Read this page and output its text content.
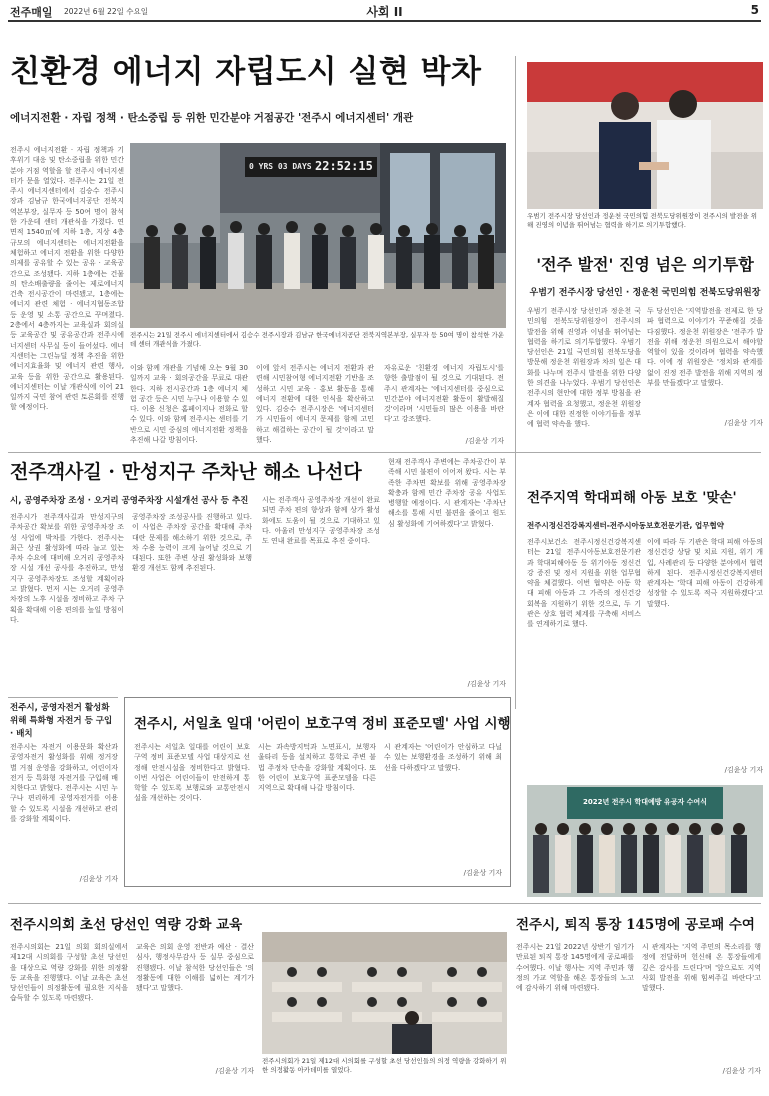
전주매일 2022년 6월 22일 수요일	사회 II	5
친환경 에너지 자립도시 실현 박차
에너지전환 · 자립 정책 · 탄소중립 등 위한 민간분야 거점공간 '전주시 에너지센터' 개관
전주시 에너지전환 · 자립 정책과 기후위기 대응 및 탄소중립을 위한 민간분야 거점 역할을 할 전주시 에너지센터가 문을 열었다. 전주시는 21일 전주시 에너지센터에서 김승수 전주시장과 김남규 한국에너지공단 전북지역본부장, 실무자 등 50여 명이 참석한 가운데 센터 개관식을 가졌다. 연면적 1540㎡에 지하 1층, 지상 4층 규모의 에너지센터는 에너지전환을 체험하고 에너지 전환을 위한 다양한 의제를 공유할 수 있는 공유 · 교육공간으로 조성됐다. 지하 1층에는 건물의 탄소배출량을 줄이는 제로에너지건축 전시공간이 마련됐고, 1층에는 에너지 관련 체험 · 에너지협동조합 등 운영 및 소통 공간으로 꾸며졌다. 2층에서 4층까지는 교육실과 회의실 등 교육공간 및 공유공간과 전주시에너지센터 사무실 등이 들어섰다. 에너지센터는 그린뉴딜 정책 추진을 위한 에너지효율화 및 에너지 관련 행사, 교육 등을 위한 공간으로 활용된다. 에너지센터는 이날 개관식에 이어 21일까지 국민 참여 관련 토론회를 진행할 예정이다.
0 YRS 03 DAYS 22:52:15
전주시는 21일 전주시 에너지센터에서 김승수 전주시장과 김남규 한국에너지공단 전북지역본부장, 실무자 등 50여 명이 참석한 가운데 센터 개관식을 가졌다.
이와 함께 개관을 기념해 오는 9월 30일까지 교육 · 회의공간을 무료로 대관한다. 지하 전시공간과 1층 에너지 체험 공간 등은 시민 누구나 이용할 수 있다. 이용 신청은 홈페이지나 전화로 할 수 있다. 이와 함께 전주시는 센터를 기반으로 시민 중심의 에너지전환 정책을 추진해 나갈 방침이다.
이에 앞서 전주시는 에너지 전환과 관련해 시민참여형 에너지전환 기반을 조성하고 시민 교육 · 홍보 활동을 통해 에너지 전환에 대한 인식을 확산하고 있다. 김승수 전주시장은 '에너지센터가 시민들이 에너지 문제를 함께 고민하고 해결하는 공간이 될 것'이라고 말했다.
자유로운 '친환경 에너지 자립도시'를 향한 출발점이 될 것으로 기대된다. 전주시 관계자는 '에너지센터를 중심으로 민간분야 에너지전환 활동이 활발해질 것'이라며 '시민들의 많은 이용을 바란다'고 강조했다.
/김윤상 기자
우범기 전주시장 당선인과 정운천 국민의힘 전북도당위원장이 전주시의 발전을 위해 진영의 이념을 뛰어넘는 협력을 하기로 의기투합했다.
'전주 발전' 진영 넘은 의기투합
우범기 전주시장 당선인 · 정운천 국민의힘 전북도당위원장
우범기 전주시장 당선인과 정운천 국민의힘 전북도당위원장이 전주시의 발전을 위해 진영과 이념을 뛰어넘는 협력을 하기로 의기투합했다. 우범기 당선인은 21일 국민의힘 전북도당을 방문해 정운천 위원장과 차의 잎은 대화를 나누며 전주시 발전을 위한 다양한 의견을 나누었다. 우범기 당선인은 전주시의 현안에 대한 정부 방침을 관계자 협력을 요청했고, 정운천 위원장은 이에 대한 진정한 이야기들을 정부에 협력 약속을 했다.
두 당선인은 '지역발전을 전제로 한 당파 협력으로 이야기가 꾸준해질 것을 다짐했다. 정운천 위원장은 '전주가 발전을 위해 정운천 의원으로서 해야할 역할이 있을 것이라며 협력을 약속했다. 이에 정 위원장은 '정치와 관계를 없이 진정 전주 발전을 위해 지역의 정부를 만들겠다'고 말했다.
/김윤상 기자
전주객사길 · 만성지구 주차난 해소 나선다
시, 공영주차장 조성 · 오거리 공영주차장 시설개선 공사 등 추진
전주시가 전주객사길과 만성지구의 주차공간 확보를 위한 공영주차장 조성 사업에 박차를 가한다. 전주시는 최근 상권 활성화에 따라 늘고 있는 주차 수요에 대비해 오거리 공영주차장 시설 개선 공사를 추진하고, 만성지구 공영주차장도 조성할 계획이라고 밝혔다. 먼저 시는 오거리 공영주차장의 노후 시설을 정비하고 주차 구획을 확대해 이용 편의를 높일 방침이다.
공영주차장 조성공사를 진행하고 있다. 이 사업은 주차장 공간을 확대해 주차 대란 문제를 해소하기 위한 것으로, 주차 수용 능력이 크게 늘어날 것으로 기대된다. 또한 주변 상권 활성화와 보행환경 개선도 함께 추진된다.
시는 전주객사 공영주차장 개선이 완료되면 주차 편의 향상과 함께 상가 활성화에도 도움이 될 것으로 기대하고 있다. 아울러 만성지구 공영주차장 조성도 연내 완료를 목표로 추진 중이다.
현재 전주객사 주변에는 주차공간이 부족해 시민 불편이 이어져 왔다. 시는 부족한 주차면 확보를 위해 공영주차장 확충과 함께 민간 주차장 공유 사업도 병행할 예정이다. 시 관계자는 '주차난 해소를 통해 시민 불편을 줄이고 원도심 활성화에 기여하겠다'고 밝혔다.
/김윤상 기자
전주지역 학대피해 아동 보호 '맞손'
전주시정신건강복지센터-전주시아동보호전문기관, 업무협약
전주시보건소 전주시정신건강복지센터는 21일 전주시아동보호전문기관과 학대피해아동 등 위기아동 정신건강 증진 및 정서 지원을 위한 업무협약을 체결했다. 이번 협약은 아동 학대 피해 아동과 그 가족의 정신건강 회복을 지원하기 위한 것으로, 두 기관은 상호 협력 체계를 구축해 서비스를 연계하기로 했다.
이에 따라 두 기관은 학대 피해 아동의 정신건강 상담 및 치료 지원, 위기 개입, 사례관리 등 다양한 분야에서 협력하게 된다. 전주시정신건강복지센터 관계자는 '학대 피해 아동이 건강하게 성장할 수 있도록 적극 지원하겠다'고 말했다.
/김윤상 기자
2022년 전주시 학대예방 유공자 수여식
전주시, 공영자전거 활성화 위해 특화형 자전거 등 구입 · 배치
전주시는 자전거 이용문화 확산과 공영자전거 활성화를 위해 정거장별 거점 운영을 강화하고, 어린이자전거 등 특화형 자전거를 구입해 배치한다고 밝혔다. 전주시는 시민 누구나 편리하게 공영자전거를 이용할 수 있도록 시설을 개선하고 관리를 강화할 계획이다.
/김윤상 기자
전주시, 서일초 일대 '어린이 보호구역 정비 표준모델' 사업 시행
전주시는 서일초 일대를 어린이 보호구역 정비 표준모델 사업 대상지로 선정해 안전시설을 정비한다고 밝혔다. 이번 사업은 어린이들이 안전하게 통학할 수 있도록 보행로와 교통안전시설을 개선하는 것이다.
시는 과속방지턱과 노면표시, 보행자 울타리 등을 설치하고 통학로 주변 불법 주정차 단속을 강화할 계획이다. 또한 어린이 보호구역 표준모델을 다른 지역으로 확대해 나갈 방침이다.
시 관계자는 '어린이가 안심하고 다닐 수 있는 보행환경을 조성하기 위해 최선을 다하겠다'고 말했다.
/김윤상 기자
전주시의회 초선 당선인 역량 강화 교육
전주시의회는 21일 의회 회의실에서 제12대 시의회를 구성할 초선 당선인을 대상으로 역량 강화를 위한 의정활동 교육을 진행했다. 이날 교육은 초선 당선인들이 의정활동에 필요한 지식을 습득할 수 있도록 마련됐다.
교육은 의회 운영 전반과 예산 · 결산 심사, 행정사무감사 등 실무 중심으로 진행됐다. 이날 참석한 당선인들은 '의정활동에 대한 이해를 넓히는 계기가 됐다'고 말했다.
/김윤상 기자
전주시의회가 21일 제12대 시의회를 구성할 초선 당선인들의 의정 역량을 강화하기 위한 의정활동 아카데미를 열었다.
전주시, 퇴직 통장 145명에 공로패 수여
전주시는 21일 2022년 상반기 임기가 만료된 퇴직 통장 145명에게 공로패를 수여했다. 이날 행사는 지역 주민과 행정의 가교 역할을 해온 통장들의 노고에 감사하기 위해 마련됐다.
시 관계자는 '지역 주민의 목소리를 행정에 전달하며 헌신해 온 통장들에게 깊은 감사를 드린다'며 '앞으로도 지역사회 발전을 위해 힘써주길 바란다'고 말했다.
/김윤상 기자
